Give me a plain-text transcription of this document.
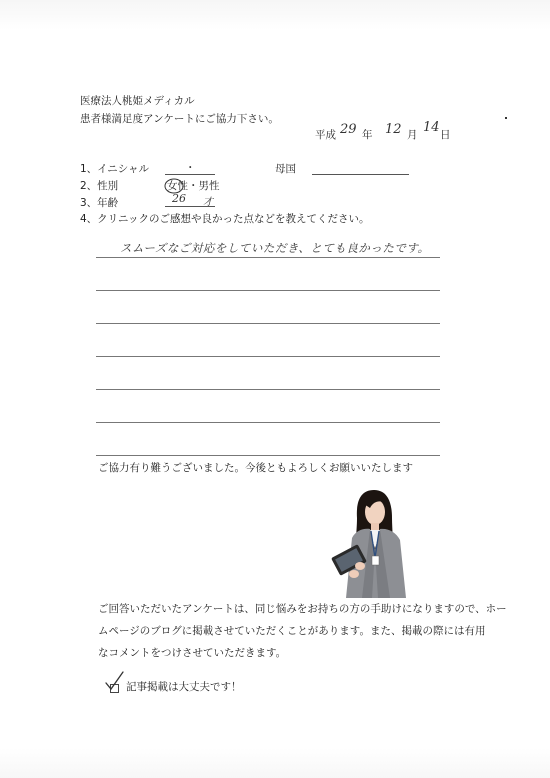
医療法人桃姫メディカル
患者様満足度アンケートにご協力下さい。
平成 29 年 12 月 14 日
1、イニシャル	・	母国
2、性別	女性・男性
3、年齢	26 才
4、クリニックのご感想や良かった点などを教えてください。
スムーズなご対応をしていただき、とても良かったです。
ご協力有り難うございました。今後ともよろしくお願いいたします
ご回答いただいたアンケートは、同じ悩みをお持ちの方の手助けになりますので、ホー
ムページのブログに掲載させていただくことがあります。また、掲載の際には有用
なコメントをつけさせていただきます。
記事掲載は大丈夫です！
